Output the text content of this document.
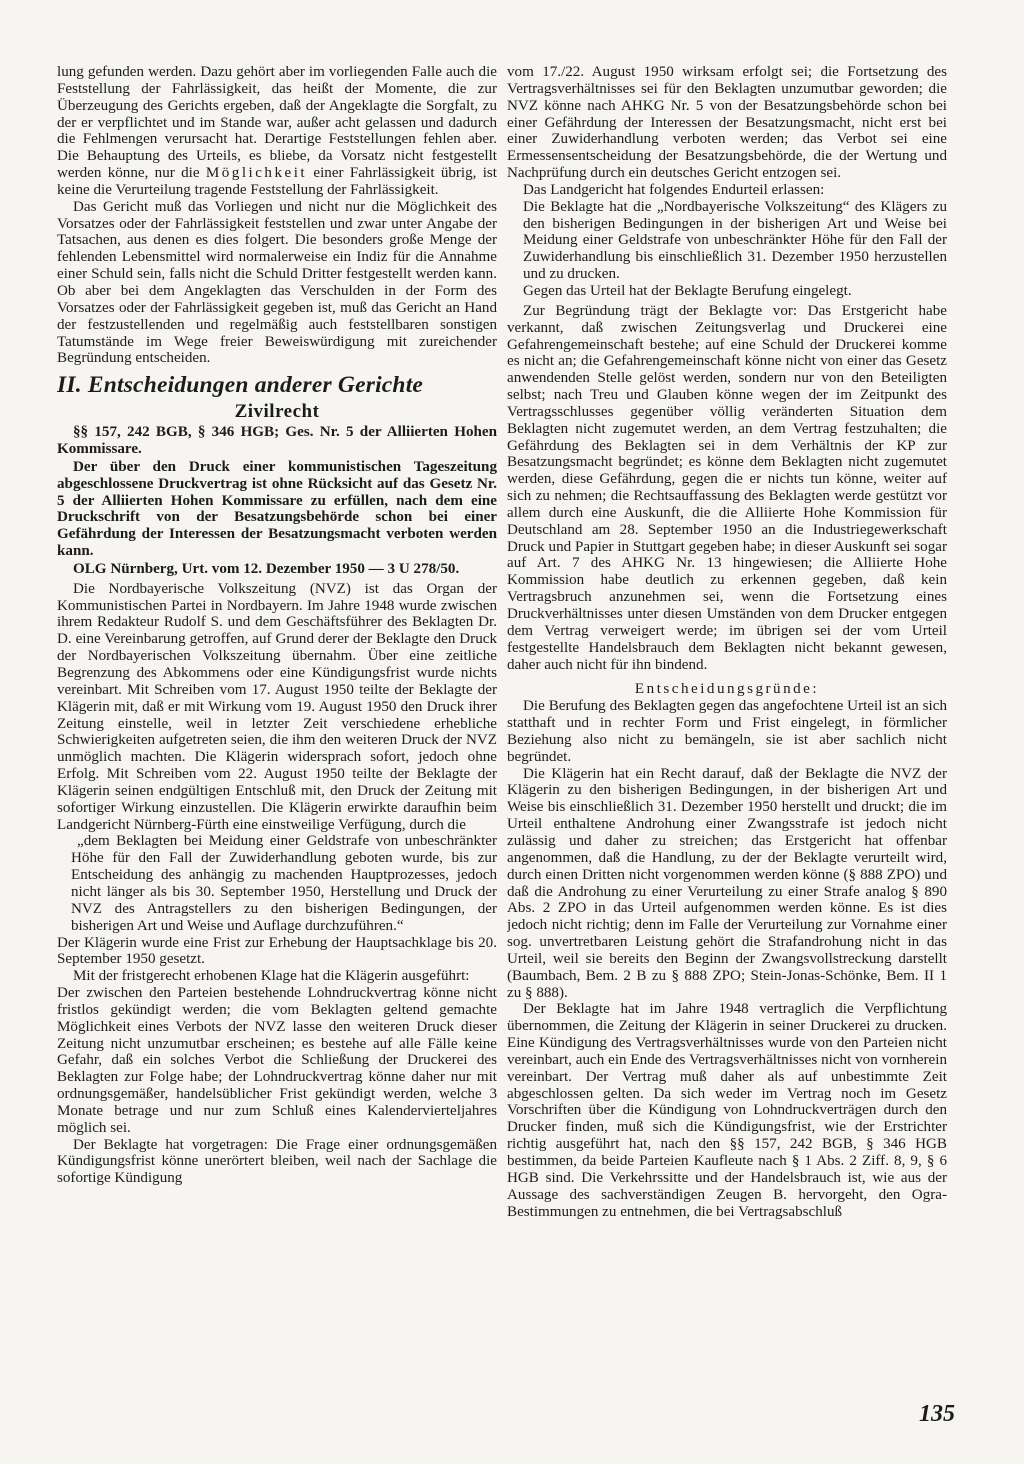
lung gefunden werden. Dazu gehört aber im vorliegenden Falle auch die Feststellung der Fahrlässigkeit, das heißt der Momente, die zur Überzeugung des Gerichts ergeben, daß der Angeklagte die Sorgfalt, zu der er verpflichtet und im Stande war, außer acht gelassen und dadurch die Fehlmengen verursacht hat. Derartige Feststellungen fehlen aber. Die Behauptung des Urteils, es bliebe, da Vorsatz nicht festgestellt werden könne, nur die Möglichkeit einer Fahrlässigkeit übrig, ist keine die Verurteilung tragende Feststellung der Fahrlässigkeit.

Das Gericht muß das Vorliegen und nicht nur die Möglichkeit des Vorsatzes oder der Fahrlässigkeit feststellen und zwar unter Angabe der Tatsachen, aus denen es dies folgert. Die besonders große Menge der fehlenden Lebensmittel wird normalerweise ein Indiz für die Annahme einer Schuld sein, falls nicht die Schuld Dritter festgestellt werden kann. Ob aber bei dem Angeklagten das Verschulden in der Form des Vorsatzes oder der Fahrlässigkeit gegeben ist, muß das Gericht an Hand der festzustellenden und regelmäßig auch feststellbaren sonstigen Tatumstände im Wege freier Beweiswürdigung mit zureichender Begründung entscheiden.

II. Entscheidungen anderer Gerichte
Zivilrecht

§§ 157, 242 BGB, § 346 HGB; Ges. Nr. 5 der Alliierten Hohen Kommissare.

Der über den Druck einer kommunistischen Tageszeitung abgeschlossene Druckvertrag ist ohne Rücksicht auf das Gesetz Nr. 5 der Alliierten Hohen Kommissare zu erfüllen, nach dem eine Druckschrift von der Besatzungsbehörde schon bei einer Gefährdung der Interessen der Besatzungsmacht verboten werden kann.

OLG Nürnberg, Urt. vom 12. Dezember 1950 — 3 U 278/50.

Die Nordbayerische Volkszeitung (NVZ) ist das Organ der Kommunistischen Partei in Nordbayern. Im Jahre 1948 wurde zwischen ihrem Redakteur Rudolf S. und dem Geschäftsführer des Beklagten Dr. D. eine Vereinbarung getroffen, auf Grund derer der Beklagte den Druck der Nordbayerischen Volkszeitung übernahm. Über eine zeitliche Begrenzung des Abkommens oder eine Kündigungsfrist wurde nichts vereinbart. Mit Schreiben vom 17. August 1950 teilte der Beklagte der Klägerin mit, daß er mit Wirkung vom 19. August 1950 den Druck ihrer Zeitung einstelle, weil in letzter Zeit verschiedene erhebliche Schwierigkeiten aufgetreten seien, die ihm den weiteren Druck der NVZ unmöglich machten. Die Klägerin widersprach sofort, jedoch ohne Erfolg. Mit Schreiben vom 22. August 1950 teilte der Beklagte der Klägerin seinen endgültigen Entschluß mit, den Druck der Zeitung mit sofortiger Wirkung einzustellen. Die Klägerin erwirkte daraufhin beim Landgericht Nürnberg-Fürth eine einstweilige Verfügung, durch die

„dem Beklagten bei Meidung einer Geldstrafe von unbeschränkter Höhe für den Fall der Zuwiderhandlung geboten wurde, bis zur Entscheidung des anhängig zu machenden Hauptprozesses, jedoch nicht länger als bis 30. September 1950, Herstellung und Druck der NVZ des Antragstellers zu den bisherigen Bedingungen, der bisherigen Art und Weise und Auflage durchzuführen.“

Der Klägerin wurde eine Frist zur Erhebung der Hauptsachklage bis 20. September 1950 gesetzt.

Mit der fristgerecht erhobenen Klage hat die Klägerin ausgeführt:

Der zwischen den Parteien bestehende Lohndruckvertrag könne nicht fristlos gekündigt werden; die vom Beklagten geltend gemachte Möglichkeit eines Verbots der NVZ lasse den weiteren Druck dieser Zeitung nicht unzumutbar erscheinen; es bestehe auf alle Fälle keine Gefahr, daß ein solches Verbot die Schließung der Druckerei des Beklagten zur Folge habe; der Lohndruckvertrag könne daher nur mit ordnungsgemäßer, handelsüblicher Frist gekündigt werden, welche 3 Monate betrage und nur zum Schluß eines Kalendervierteljahres möglich sei.

Der Beklagte hat vorgetragen: Die Frage einer ordnungsgemäßen Kündigungsfrist könne unerörtert bleiben, weil nach der Sachlage die sofortige Kündigung

vom 17./22. August 1950 wirksam erfolgt sei; die Fortsetzung des Vertragsverhältnisses sei für den Beklagten unzumutbar geworden; die NVZ könne nach AHKG Nr. 5 von der Besatzungsbehörde schon bei einer Gefährdung der Interessen der Besatzungsmacht, nicht erst bei einer Zuwiderhandlung verboten werden; das Verbot sei eine Ermessensentscheidung der Besatzungsbehörde, die der Wertung und Nachprüfung durch ein deutsches Gericht entzogen sei.

Das Landgericht hat folgendes Endurteil erlassen:

Die Beklagte hat die „Nordbayerische Volkszeitung“ des Klägers zu den bisherigen Bedingungen in der bisherigen Art und Weise bei Meidung einer Geldstrafe von unbeschränkter Höhe für den Fall der Zuwiderhandlung bis einschließlich 31. Dezember 1950 herzustellen und zu drucken.

Gegen das Urteil hat der Beklagte Berufung eingelegt.

Zur Begründung trägt der Beklagte vor: Das Erstgericht habe verkannt, daß zwischen Zeitungsverlag und Druckerei eine Gefahrengemeinschaft bestehe; auf eine Schuld der Druckerei komme es nicht an; die Gefahrengemeinschaft könne nicht von einer das Gesetz anwendenden Stelle gelöst werden, sondern nur von den Beteiligten selbst; nach Treu und Glauben könne wegen der im Zeitpunkt des Vertragsschlusses gegenüber völlig veränderten Situation dem Beklagten nicht zugemutet werden, an dem Vertrag festzuhalten; die Gefährdung des Beklagten sei in dem Verhältnis der KP zur Besatzungsmacht begründet; es könne dem Beklagten nicht zugemutet werden, diese Gefährdung, gegen die er nichts tun könne, weiter auf sich zu nehmen; die Rechtsauffassung des Beklagten werde gestützt vor allem durch eine Auskunft, die die Alliierte Hohe Kommission für Deutschland am 28. September 1950 an die Industriegewerkschaft Druck und Papier in Stuttgart gegeben habe; in dieser Auskunft sei sogar auf Art. 7 des AHKG Nr. 13 hingewiesen; die Alliierte Hohe Kommission habe deutlich zu erkennen gegeben, daß kein Vertragsbruch anzunehmen sei, wenn die Fortsetzung eines Druckverhältnisses unter diesen Umständen von dem Drucker entgegen dem Vertrag verweigert werde; im übrigen sei der vom Urteil festgestellte Handelsbrauch dem Beklagten nicht bekannt gewesen, daher auch nicht für ihn bindend.

Entscheidungsgründe:

Die Berufung des Beklagten gegen das angefochtene Urteil ist an sich statthaft und in rechter Form und Frist eingelegt, in förmlicher Beziehung also nicht zu bemängeln, sie ist aber sachlich nicht begründet.

Die Klägerin hat ein Recht darauf, daß der Beklagte die NVZ der Klägerin zu den bisherigen Bedingungen, in der bisherigen Art und Weise bis einschließlich 31. Dezember 1950 herstellt und druckt; die im Urteil enthaltene Androhung einer Zwangsstrafe ist jedoch nicht zulässig und daher zu streichen; das Erstgericht hat offenbar angenommen, daß die Handlung, zu der der Beklagte verurteilt wird, durch einen Dritten nicht vorgenommen werden könne (§ 888 ZPO) und daß die Androhung zu einer Verurteilung zu einer Strafe analog § 890 Abs. 2 ZPO in das Urteil aufgenommen werden könne. Es ist dies jedoch nicht richtig; denn im Falle der Verurteilung zur Vornahme einer sog. unvertretbaren Leistung gehört die Strafandrohung nicht in das Urteil, weil sie bereits den Beginn der Zwangsvollstreckung darstellt (Baumbach, Bem. 2 B zu § 888 ZPO; Stein-Jonas-Schönke, Bem. II 1 zu § 888).

Der Beklagte hat im Jahre 1948 vertraglich die Verpflichtung übernommen, die Zeitung der Klägerin in seiner Druckerei zu drucken. Eine Kündigung des Vertragsverhältnisses wurde von den Parteien nicht vereinbart, auch ein Ende des Vertragsverhältnisses nicht von vornherein vereinbart. Der Vertrag muß daher als auf unbestimmte Zeit abgeschlossen gelten. Da sich weder im Vertrag noch im Gesetz Vorschriften über die Kündigung von Lohndruckverträgen durch den Drucker finden, muß sich die Kündigungsfrist, wie der Erstrichter richtig ausgeführt hat, nach den §§ 157, 242 BGB, § 346 HGB bestimmen, da beide Parteien Kaufleute nach § 1 Abs. 2 Ziff. 8, 9, § 6 HGB sind. Die Verkehrssitte und der Handelsbrauch ist, wie aus der Aussage des sachverständigen Zeugen B. hervorgeht, den Ogra-Bestimmungen zu entnehmen, die bei Vertragsabschluß

135
